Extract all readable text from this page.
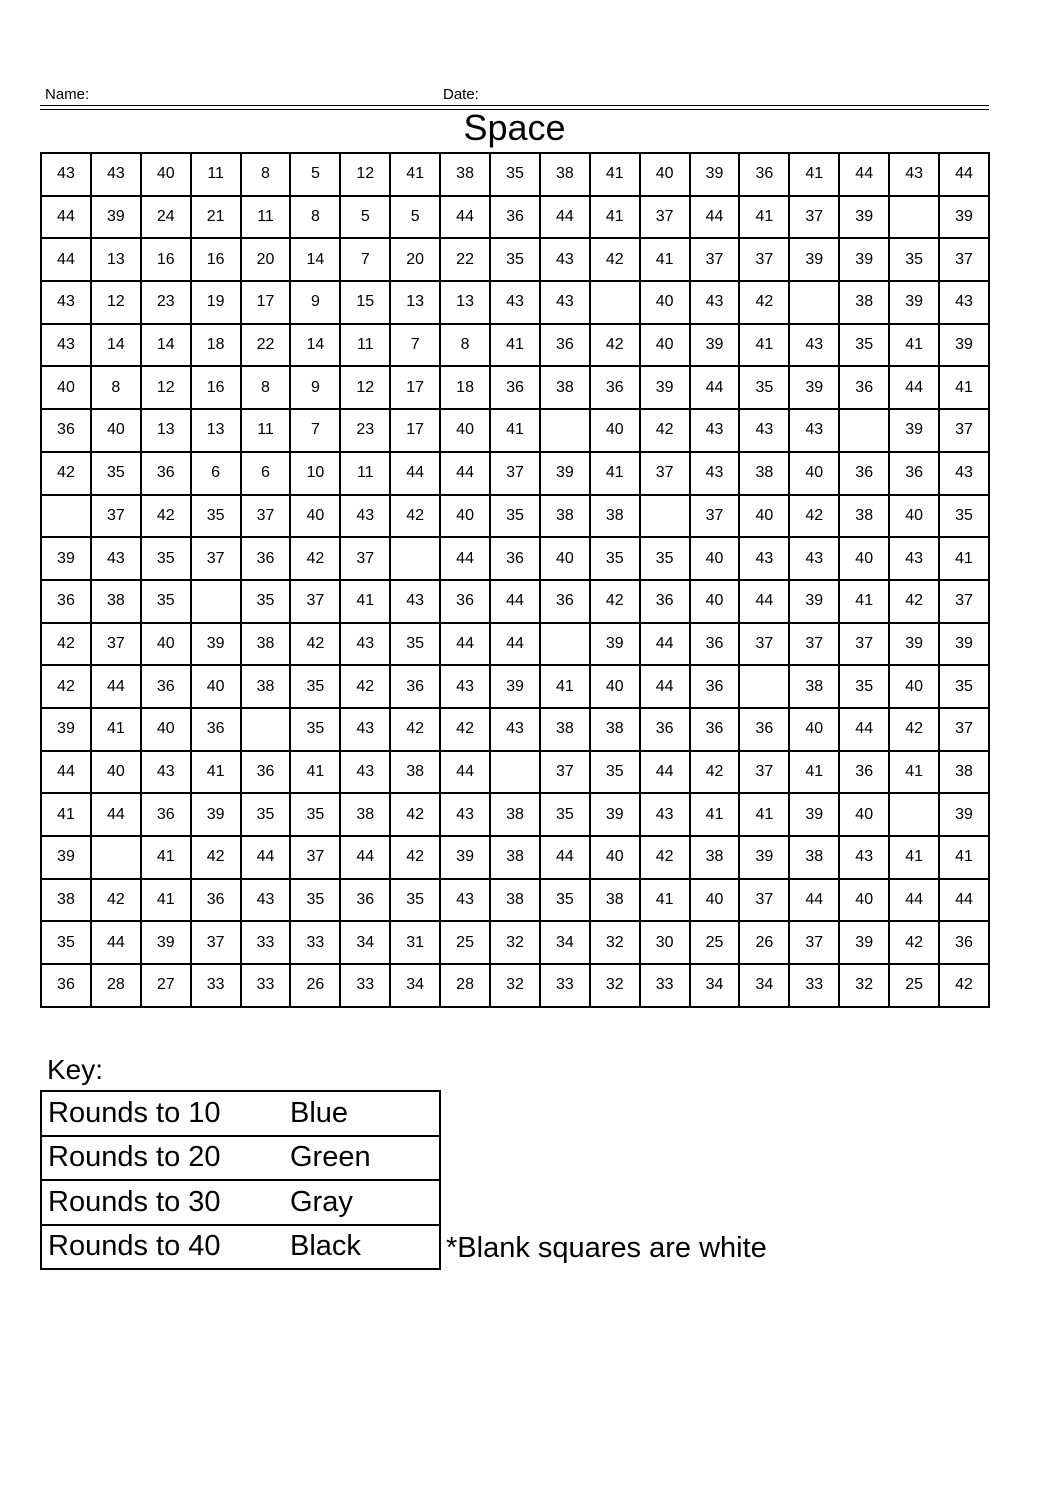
Name:	Date:
Space
43	43	40	11	8	5	12	41	38	35	38	41	40	39	36	41	44	43	44
44	39	24	21	11	8	5	5	44	36	44	41	37	44	41	37	39		39
44	13	16	16	20	14	7	20	22	35	43	42	41	37	37	39	39	35	37
43	12	23	19	17	9	15	13	13	43	43		40	43	42		38	39	43
43	14	14	18	22	14	11	7	8	41	36	42	40	39	41	43	35	41	39
40	8	12	16	8	9	12	17	18	36	38	36	39	44	35	39	36	44	41
36	40	13	13	11	7	23	17	40	41		40	42	43	43	43		39	37
42	35	36	6	6	10	11	44	44	37	39	41	37	43	38	40	36	36	43
	37	42	35	37	40	43	42	40	35	38	38		37	40	42	38	40	35
39	43	35	37	36	42	37		44	36	40	35	35	40	43	43	40	43	41
36	38	35		35	37	41	43	36	44	36	42	36	40	44	39	41	42	37
42	37	40	39	38	42	43	35	44	44		39	44	36	37	37	37	39	39
42	44	36	40	38	35	42	36	43	39	41	40	44	36		38	35	40	35
39	41	40	36		35	43	42	42	43	38	38	36	36	36	40	44	42	37
44	40	43	41	36	41	43	38	44		37	35	44	42	37	41	36	41	38
41	44	36	39	35	35	38	42	43	38	35	39	43	41	41	39	40		39
39		41	42	44	37	44	42	39	38	44	40	42	38	39	38	43	41	41
38	42	41	36	43	35	36	35	43	38	35	38	41	40	37	44	40	44	44
35	44	39	37	33	33	34	31	25	32	34	32	30	25	26	37	39	42	36
36	28	27	33	33	26	33	34	28	32	33	32	33	34	34	33	32	25	42
Key:
Rounds to 10	Blue
Rounds to 20	Green
Rounds to 30	Gray
Rounds to 40	Black	*Blank squares are white
